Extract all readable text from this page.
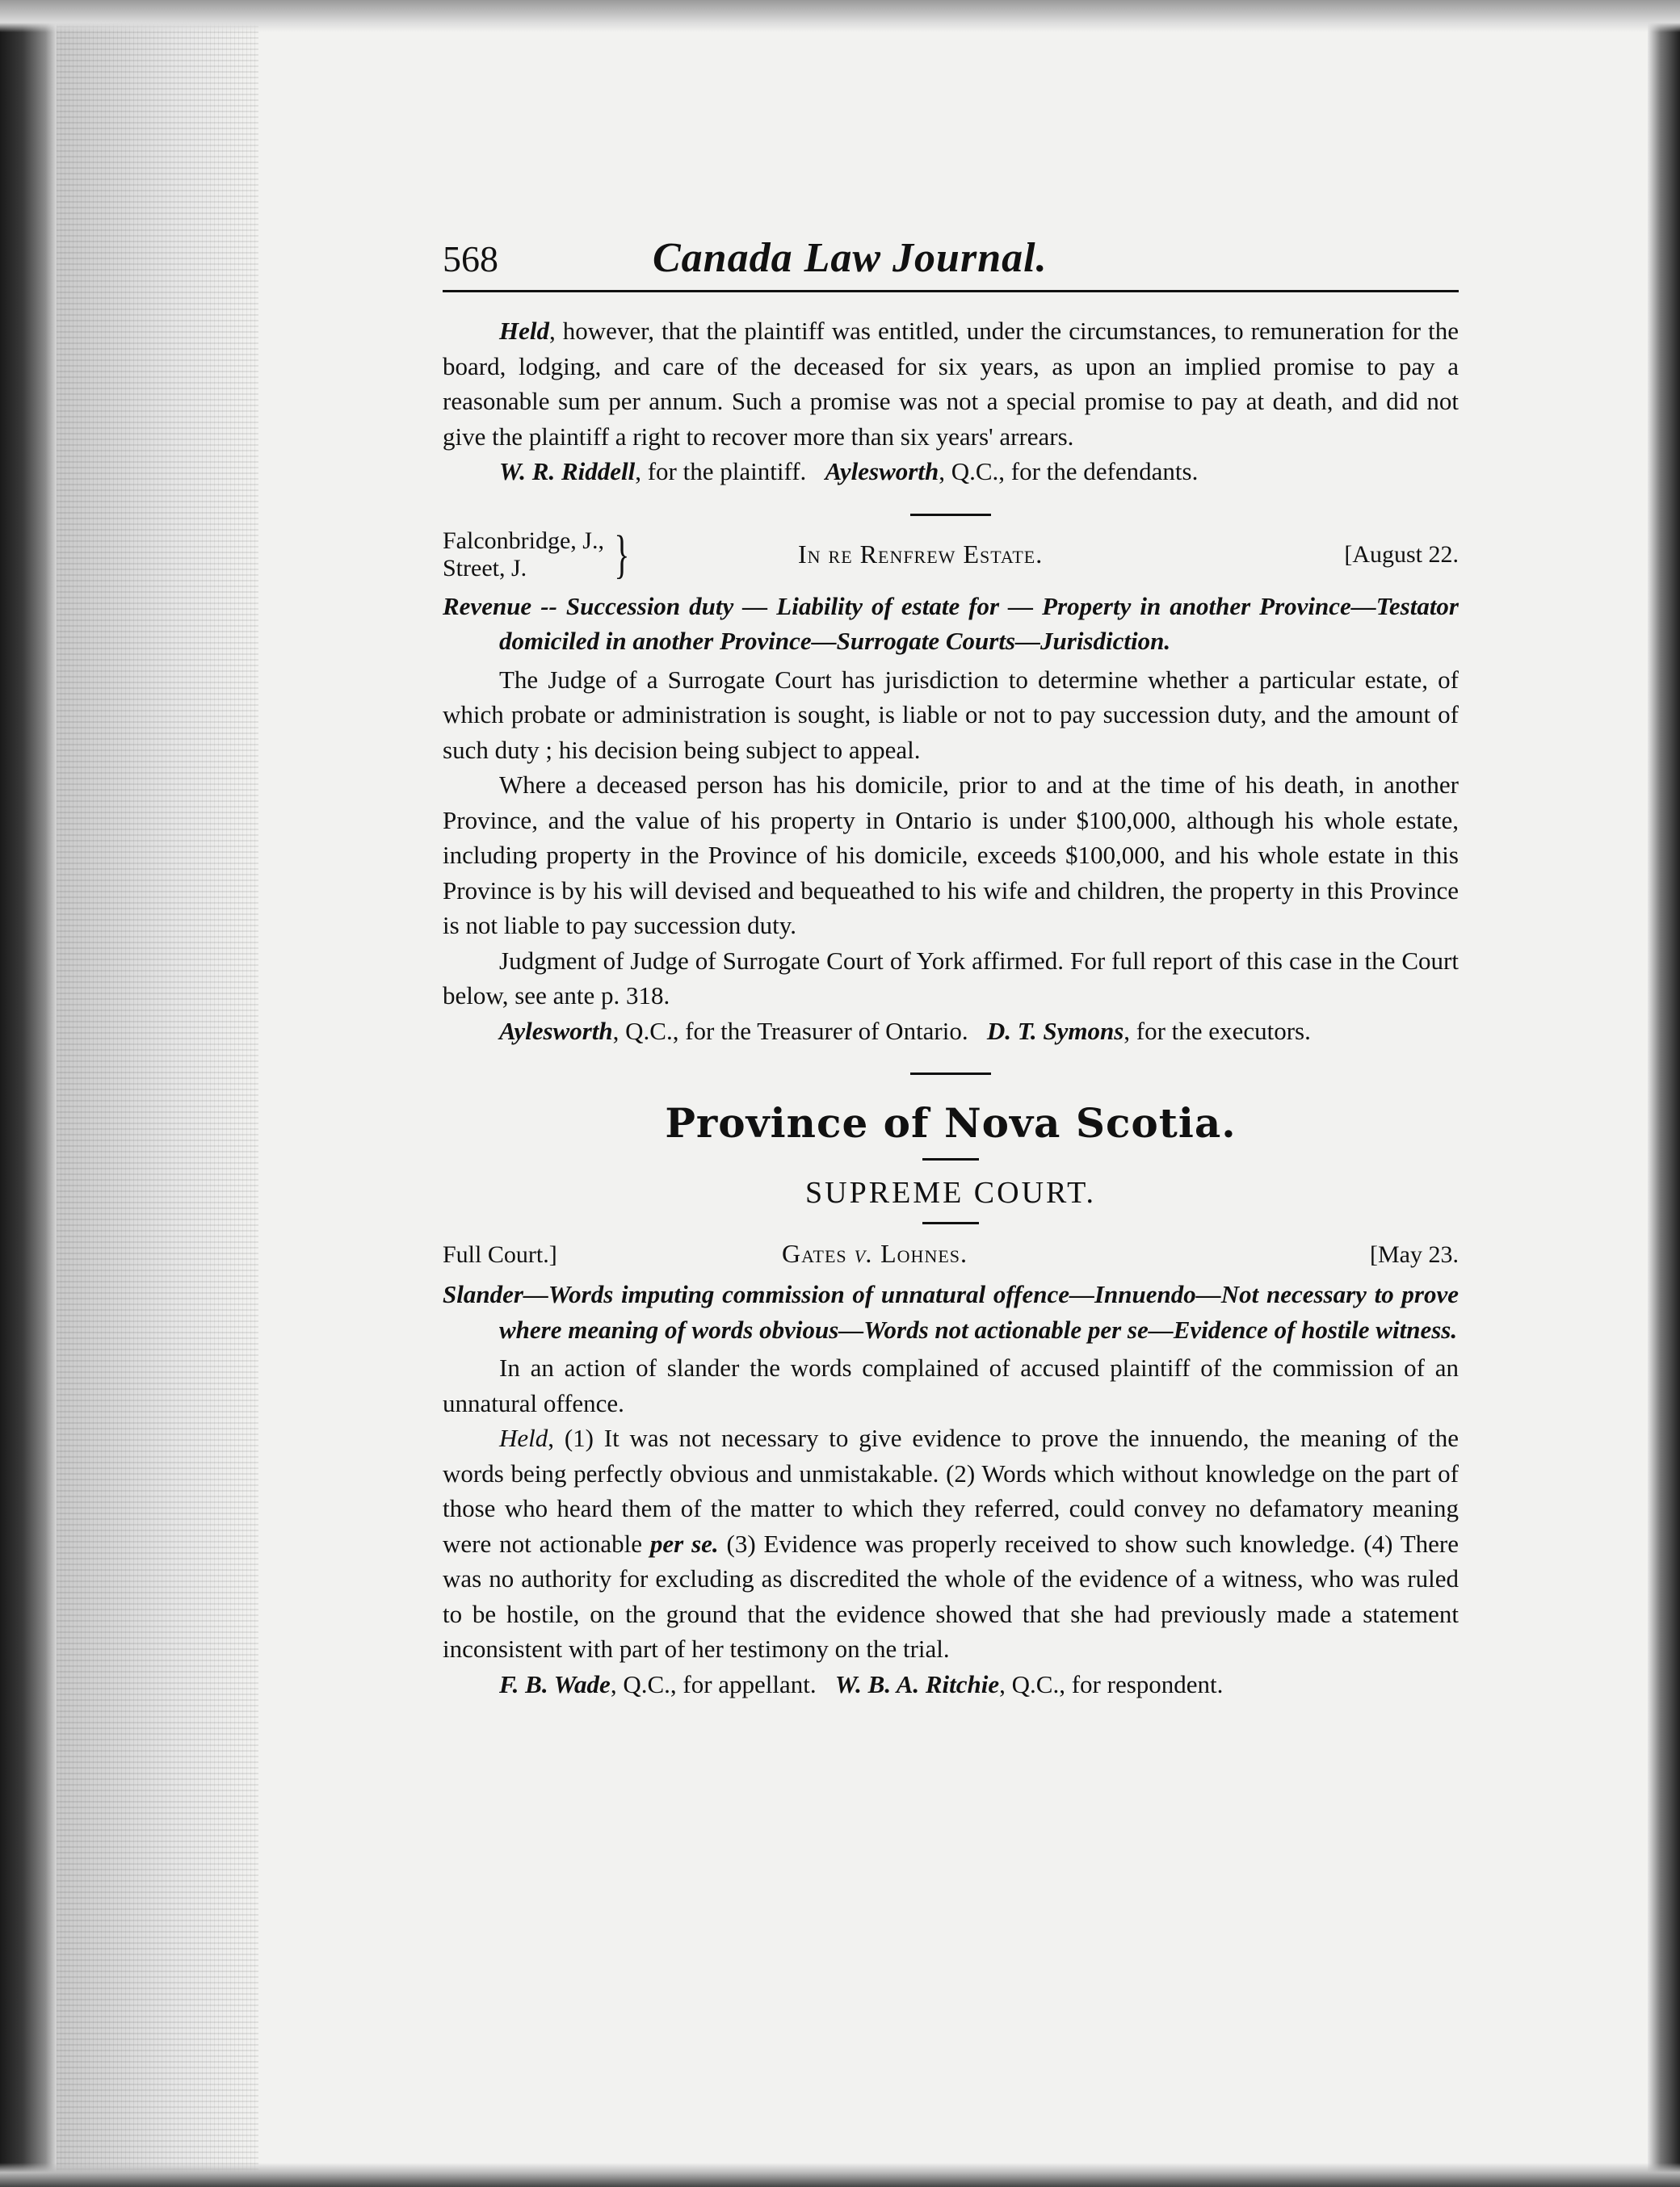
568	Canada Law Journal.

Held, however, that the plaintiff was entitled, under the circumstances, to remuneration for the board, lodging, and care of the deceased for six years, as upon an implied promise to pay a reasonable sum per annum. Such a promise was not a special promise to pay at death, and did not give the plaintiff a right to recover more than six years' arrears.

W. R. Riddell, for the plaintiff. Aylesworth, Q.C., for the defendants.

Falconbridge, J.,
Street, J.	}	In re Renfrew Estate.	[August 22.

Revenue -- Succession duty — Liability of estate for — Property in another Province—Testator domiciled in another Province—Surrogate Courts—Jurisdiction.

The Judge of a Surrogate Court has jurisdiction to determine whether a particular estate, of which probate or administration is sought, is liable or not to pay succession duty, and the amount of such duty ; his decision being subject to appeal.

Where a deceased person has his domicile, prior to and at the time of his death, in another Province, and the value of his property in Ontario is under $100,000, although his whole estate, including property in the Province of his domicile, exceeds $100,000, and his whole estate in this Province is by his will devised and bequeathed to his wife and children, the property in this Province is not liable to pay succession duty.

Judgment of Judge of Surrogate Court of York affirmed. For full report of this case in the Court below, see ante p. 318.

Aylesworth, Q.C., for the Treasurer of Ontario. D. T. Symons, for the executors.

Province of Nova Scotia.
SUPREME COURT.
Full Court.]	Gates v. Lohnes.	[May 23.

Slander—Words imputing commission of unnatural offence—Innuendo—Not necessary to prove where meaning of words obvious—Words not actionable per se—Evidence of hostile witness.

In an action of slander the words complained of accused plaintiff of the commission of an unnatural offence.

Held, (1) It was not necessary to give evidence to prove the innuendo, the meaning of the words being perfectly obvious and unmistakable. (2) Words which without knowledge on the part of those who heard them of the matter to which they referred, could convey no defamatory meaning were not actionable per se. (3) Evidence was properly received to show such knowledge. (4) There was no authority for excluding as discredited the whole of the evidence of a witness, who was ruled to be hostile, on the ground that the evidence showed that she had previously made a statement inconsistent with part of her testimony on the trial.

F. B. Wade, Q.C., for appellant. W. B. A. Ritchie, Q.C., for respondent.
